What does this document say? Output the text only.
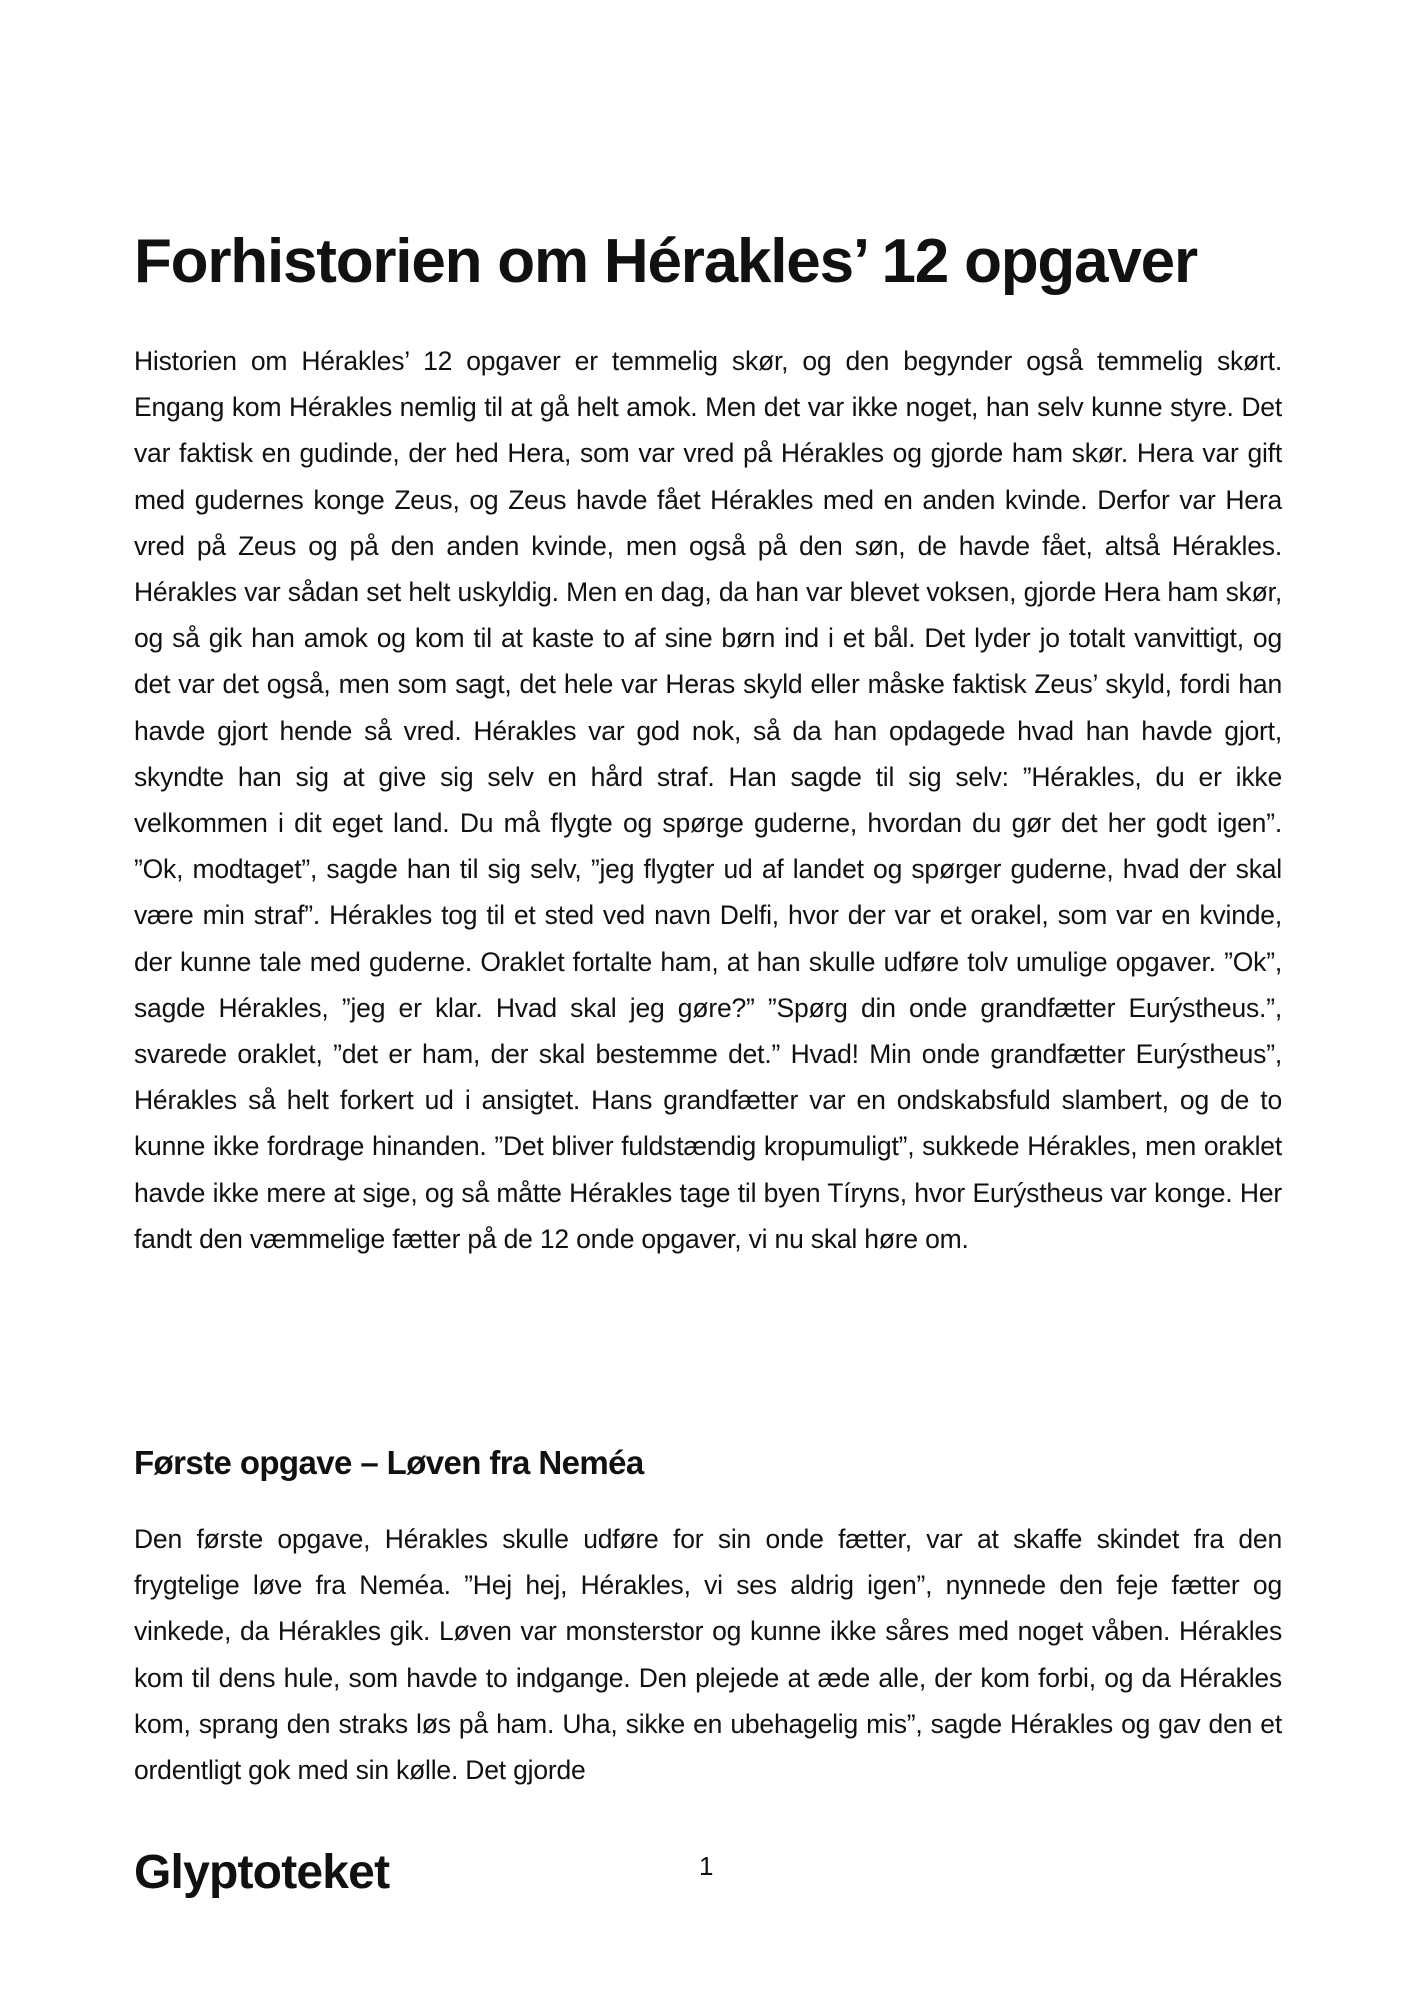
Forhistorien om Hérakles’ 12 opgaver

Historien om Hérakles’ 12 opgaver er temmelig skør, og den begynder også temmelig skørt. Engang kom Hérakles nemlig til at gå helt amok. Men det var ikke noget, han selv kunne styre. Det var faktisk en gudinde, der hed Hera, som var vred på Hérakles og gjorde ham skør. Hera var gift med gudernes konge Zeus, og Zeus havde fået Hérakles med en anden kvinde. Derfor var Hera vred på Zeus og på den anden kvinde, men også på den søn, de havde fået, altså Hérakles. Hérakles var sådan set helt uskyldig. Men en dag, da han var blevet voksen, gjorde Hera ham skør, og så gik han amok og kom til at kaste to af sine børn ind i et bål. Det lyder jo totalt vanvittigt, og det var det også, men som sagt, det hele var Heras skyld eller måske faktisk Zeus’ skyld, fordi han havde gjort hende så vred. Hérakles var god nok, så da han opdagede hvad han havde gjort, skyndte han sig at give sig selv en hård straf. Han sagde til sig selv: ”Hérakles, du er ikke velkommen i dit eget land. Du må flygte og spørge guderne, hvordan du gør det her godt igen”. ”Ok, modtaget”, sagde han til sig selv, ”jeg flygter ud af landet og spørger guderne, hvad der skal være min straf”. Hérakles tog til et sted ved navn Delfi, hvor der var et orakel, som var en kvinde, der kunne tale med guderne. Oraklet fortalte ham, at han skulle udføre tolv umulige opgaver. ”Ok”, sagde Hérakles, ”jeg er klar. Hvad skal jeg gøre?” ”Spørg din onde grandfætter Eurýstheus.”, svarede oraklet, ”det er ham, der skal bestemme det.” Hvad! Min onde grandfætter Eurýstheus”, Hérakles så helt forkert ud i ansigtet. Hans grandfætter var en ondskabsfuld slambert, og de to kunne ikke fordrage hinanden. ”Det bliver fuldstændig kropumuligt”, sukkede Hérakles, men oraklet havde ikke mere at sige, og så måtte Hérakles tage til byen Tíryns, hvor Eurýstheus var konge. Her fandt den væmmelige fætter på de 12 onde opgaver, vi nu skal høre om.

Første opgave – Løven fra Neméa

Den første opgave, Hérakles skulle udføre for sin onde fætter, var at skaffe skindet fra den frygtelige løve fra Neméa. ”Hej hej, Hérakles, vi ses aldrig igen”, nynnede den feje fætter og vinkede, da Hérakles gik. Løven var monsterstor og kunne ikke såres med noget våben. Hérakles kom til dens hule, som havde to indgange. Den plejede at æde alle, der kom forbi, og da Hérakles kom, sprang den straks løs på ham. Uha, sikke en ubehagelig mis”, sagde Hérakles og gav den et ordentligt gok med sin kølle. Det gjorde

Glyptoteket	1
